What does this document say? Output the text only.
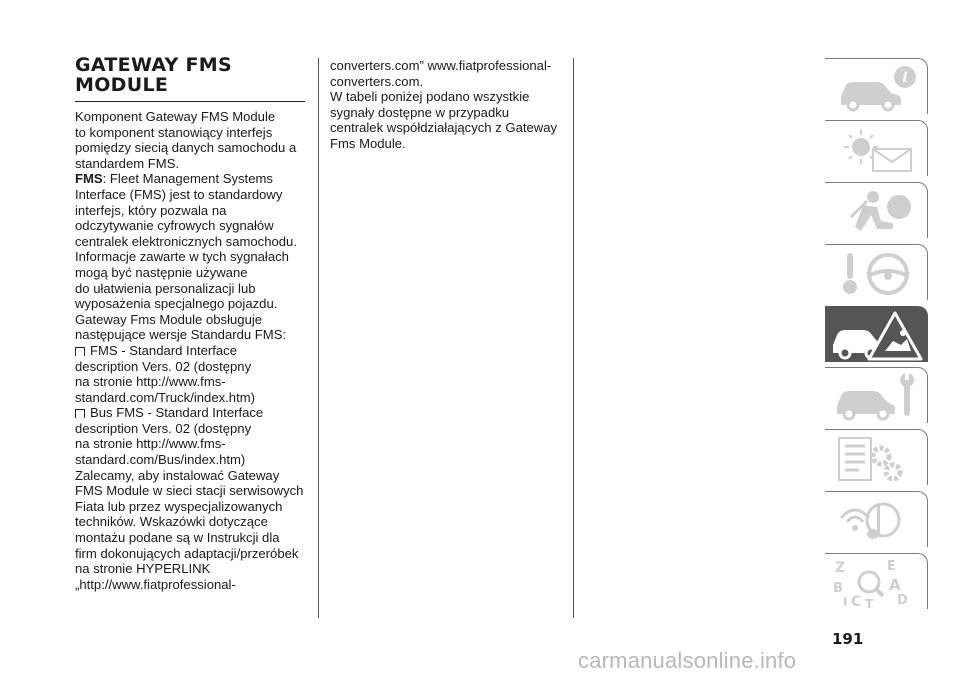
GATEWAY FMS
MODULE

Komponent Gateway FMS Module
to komponent stanowiący interfejs
pomiędzy siecią danych samochodu a
standardem FMS.

FMS: Fleet Management Systems
Interface (FMS) jest to standardowy
interfejs, który pozwala na
odczytywanie cyfrowych sygnałów
centralek elektronicznych samochodu.
Informacje zawarte w tych sygnałach
mogą być następnie używane
do ułatwienia personalizacji lub
wyposażenia specjalnego pojazdu.
Gateway Fms Module obsługuje
następujące wersje Standardu FMS:

FMS - Standard Interface
description Vers. 02 (dostępny
na stronie http://www.fms-
standard.com/Truck/index.htm)

Bus FMS - Standard Interface
description Vers. 02 (dostępny
na stronie http://www.fms-
standard.com/Bus/index.htm)

Zalecamy, aby instalować Gateway
FMS Module w sieci stacji serwisowych
Fiata lub przez wyspecjalizowanych
techników. Wskazówki dotyczące
montażu podane są w Instrukcji dla
firm dokonujących adaptacji/przeróbek
na stronie HYPERLINK
„http://www.fiatprofessional-

converters.com” www.fiatprofessional-
converters.com.
W tabeli poniżej podano wszystkie
sygnały dostępne w przypadku
centralek współdziałających z Gateway
Fms Module.

i
Z	E
B	A
I C T D
191
carmanualsonline.info
